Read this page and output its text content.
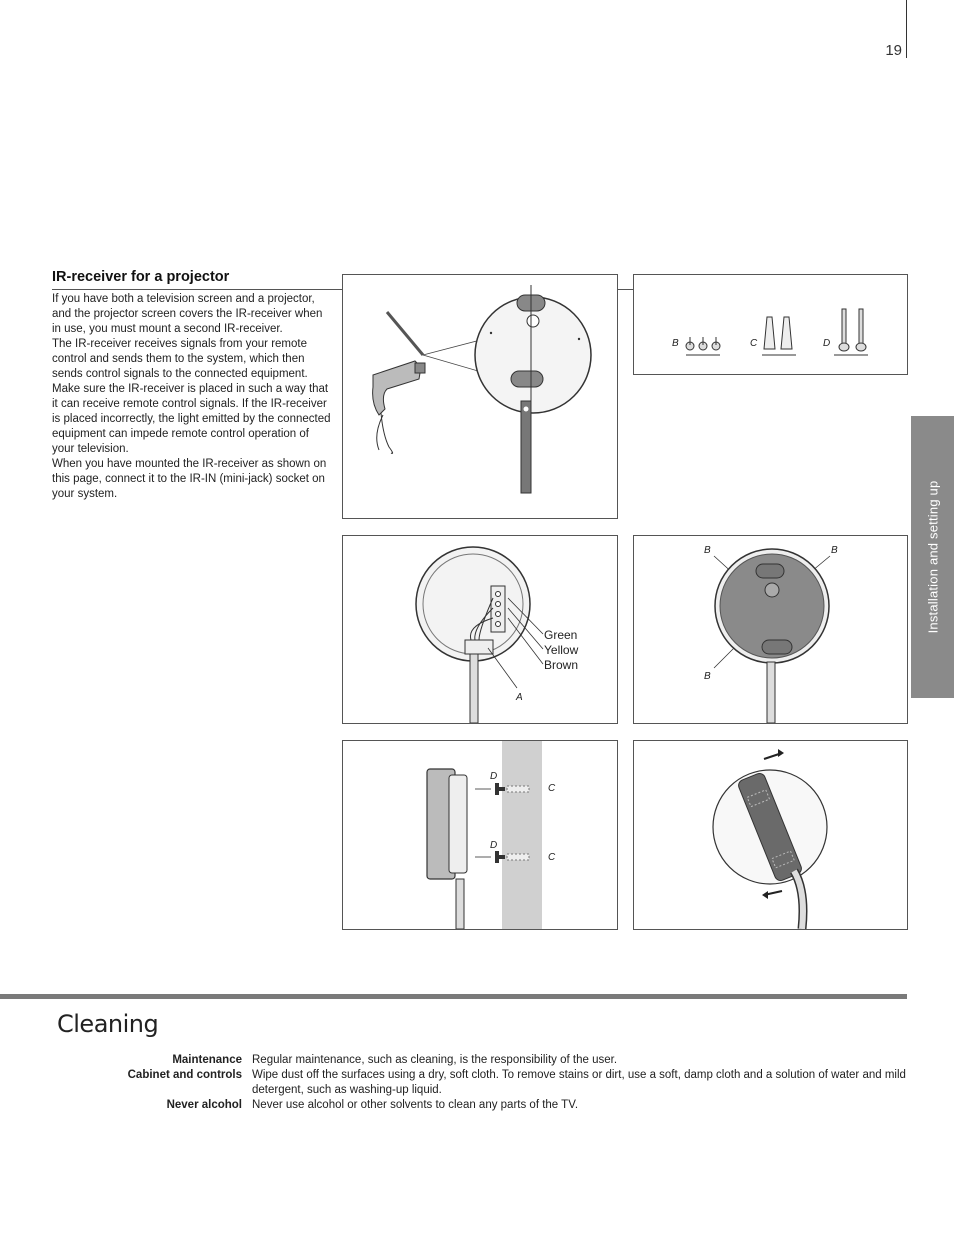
19
IR-receiver for a projector

If you have both a television screen and a projector, and the projector screen covers the IR-receiver when in use, you must mount a second IR-receiver.

The IR-receiver receives signals from your remote control and sends them to the system, which then sends control signals to the connected equipment. Make sure the IR-receiver is placed in such a way that it can receive remote control signals. If the IR-receiver is placed incorrectly, the light emitted by the connected equipment can impede remote control operation of your television.

When you have mounted the IR-receiver as shown on this page, connect it to the IR-IN (mini-jack) socket on your system.	Installation and setting up
B	C	D
Green
Yellow
Brown
A
B	B
B
D
D
C
C
Cleaning
Maintenance	Regular maintenance, such as cleaning, is the responsibility of the user.
Cabinet and controls	Wipe dust off the surfaces using a dry, soft cloth. To remove stains or dirt, use a soft, damp cloth and a solution of water and mild detergent, such as washing-up liquid.
Never alcohol	Never use alcohol or other solvents to clean any parts of the TV.
